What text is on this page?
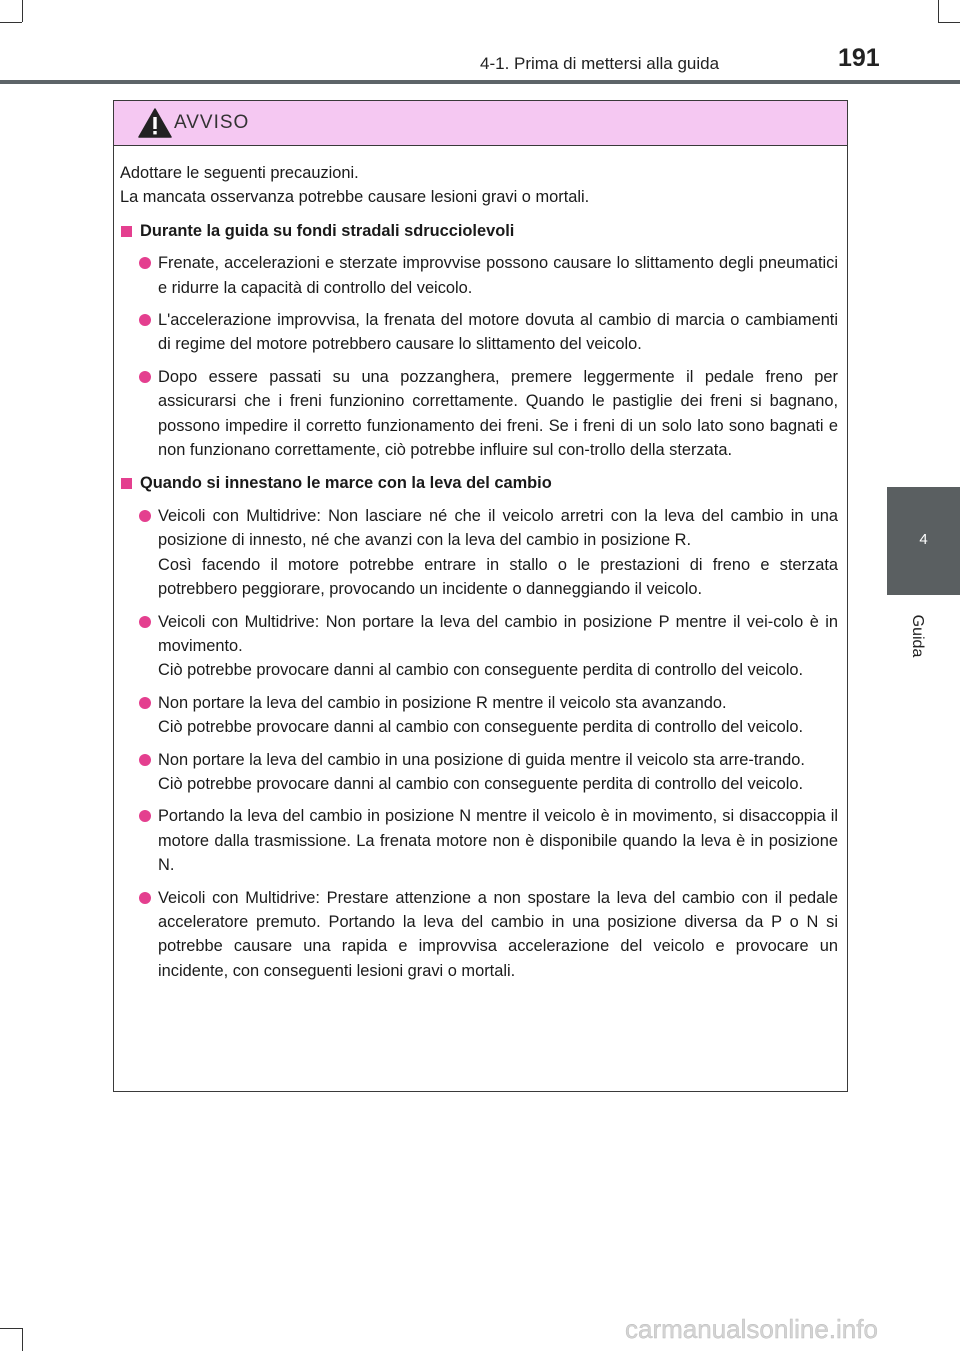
4-1. Prima di mettersi alla guida	191
4
Guida
AVVISO

Adottare le seguenti precauzioni.

La mancata osservanza potrebbe causare lesioni gravi o mortali.

Durante la guida su fondi stradali sdrucciolevoli
Frenate, accelerazioni e sterzate improvvise possono causare lo slittamento degli pneumatici e ridurre la capacità di controllo del veicolo.
L'accelerazione improvvisa, la frenata del motore dovuta al cambio di marcia o cambiamenti di regime del motore potrebbero causare lo slittamento del veicolo.
Dopo essere passati su una pozzanghera, premere leggermente il pedale freno per assicurarsi che i freni funzionino correttamente. Quando le pastiglie dei freni si bagnano, possono impedire il corretto funzionamento dei freni. Se i freni di un solo lato sono bagnati e non funzionano correttamente, ciò potrebbe influire sul con-trollo della sterzata.
Quando si innestano le marce con la leva del cambio
Veicoli con Multidrive: Non lasciare né che il veicolo arretri con la leva del cambio in una posizione di innesto, né che avanzi con la leva del cambio in posizione R.
Così facendo il motore potrebbe entrare in stallo o le prestazioni di freno e sterzata potrebbero peggiorare, provocando un incidente o danneggiando il veicolo.
Veicoli con Multidrive: Non portare la leva del cambio in posizione P mentre il vei-colo è in movimento.
Ciò potrebbe provocare danni al cambio con conseguente perdita di controllo del veicolo.
Non portare la leva del cambio in posizione R mentre il veicolo sta avanzando.
Ciò potrebbe provocare danni al cambio con conseguente perdita di controllo del veicolo.
Non portare la leva del cambio in una posizione di guida mentre il veicolo sta arre-trando.
Ciò potrebbe provocare danni al cambio con conseguente perdita di controllo del veicolo.
Portando la leva del cambio in posizione N mentre il veicolo è in movimento, si disaccoppia il motore dalla trasmissione. La frenata motore non è disponibile quando la leva è in posizione N.
Veicoli con Multidrive: Prestare attenzione a non spostare la leva del cambio con il pedale acceleratore premuto. Portando la leva del cambio in una posizione diversa da P o N si potrebbe causare una rapida e improvvisa accelerazione del veicolo e provocare un incidente, con conseguenti lesioni gravi o mortali.
carmanualsonline.info
